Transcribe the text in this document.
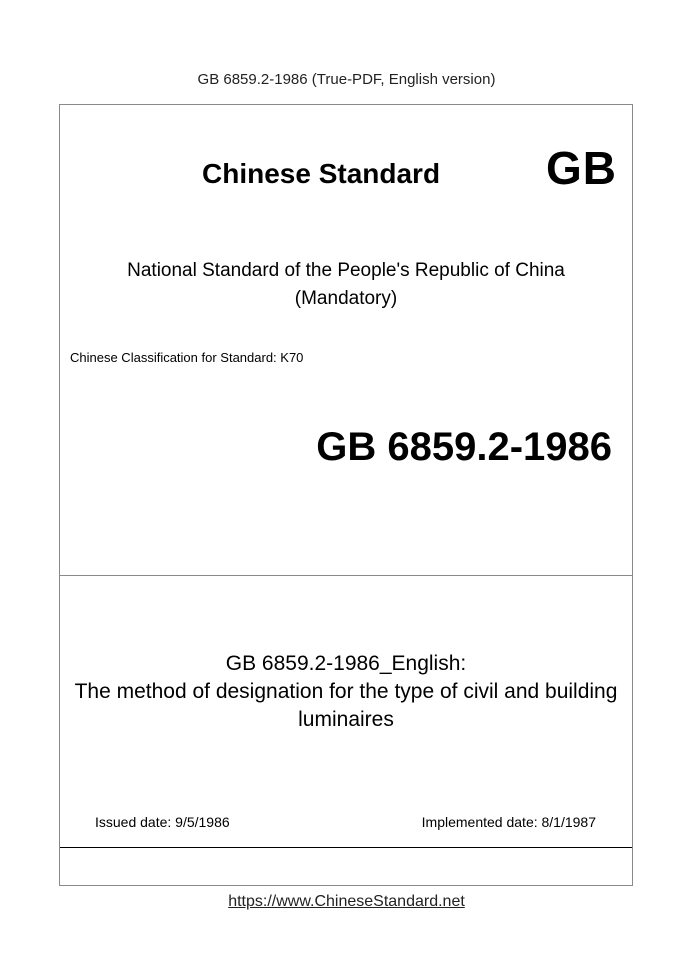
GB 6859.2-1986 (True-PDF, English version)
Chinese Standard GB
National Standard of the People's Republic of China
(Mandatory)
Chinese Classification for Standard: K70
GB 6859.2-1986
GB 6859.2-1986_English:
The method of designation for the type of civil and building
luminaires
Issued date: 9/5/1986	Implemented date: 8/1/1987
https://www.ChineseStandard.net
